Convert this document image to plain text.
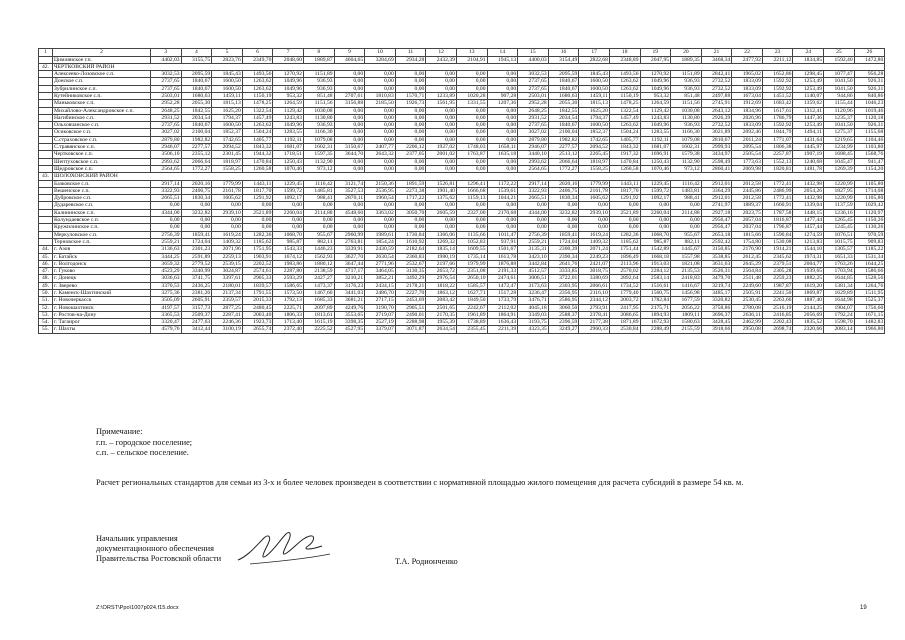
1	2	3	4	5	6	7	8	9	10	11	12	13	14	15	16	17	18	19	20	21	22	23	24	25	26
	Цимлянское г.п.	4402,03	3155,75	2823,76	2349,70	2048,60	1889,87	4604,65	3284,69	2934,28	2432,39	2104,91	1945,13	4400,03	3154,49	2822,68	2348,89	2047,95	1889,35	3468,34	2477,92	2211,12	1834,85	1592,40	1472,80
42.	ЧЕРТКОВСКИЙ РАЙОН																								
	Алексеево-Лозовское с.п.	3032,53	2095,59	1845,43	1493,56	1270,92	1151,89	0,00	0,00	0,00	0,00	0,00	0,00	3032,53	2095,59	1845,43	1493,56	1270,92	1151,89	2842,41	1965,02	1652,86	1298,45	1077,47	956,28
	Донское с.п.	2737,65	1840,67	1600,50	1263,62	1049,96	936,93	0,00	0,00	0,00	0,00	0,00	0,00	2737,65	1840,67	1600,50	1263,62	1049,96	936,93	2732,52	1833,09	1592,92	1253,49	1041,50	926,31
	Зубрилинское с.п.	2737,65	1840,67	1600,50	1263,62	1049,96	936,93	0,00	0,00	0,00	0,00	0,00	0,00	2737,65	1840,67	1600,50	1263,62	1049,96	936,93	2732,52	1833,09	1592,92	1253,49	1041,50	926,31
	Кутейниковское с.п.	2503,01	1680,63	1459,11	1150,19	953,32	851,48	2707,61	1810,83	1570,71	1233,89	1020,28	907,28	2503,01	1680,63	1459,11	1150,19	953,32	851,48	2497,88	1673,04	1451,52	1140,07	944,86	840,86
	Маньковское с.п.	2952,28	2055,30	1815,13	1478,25	1264,59	1151,56	3156,88	2185,50	1926,73	1561,95	1331,55	1207,36	2952,28	2055,30	1815,13	1478,25	1264,59	1151,56	2745,91	1912,69	1683,42	1359,62	1155,44	1046,23
	Михайлово-Александровское с.п.	2648,25	1842,55	1625,20	1322,54	1129,42	1030,08	0,00	0,00	0,00	0,00	0,00	0,00	2648,25	1842,55	1625,20	1322,54	1129,42	1030,08	2643,12	1834,96	1617,61	1312,41	1120,96	1019,46
	Нагибинское с.п.	2931,52	2034,54	1794,37	1457,49	1243,83	1130,80	0,00	0,00	0,00	0,00	0,00	0,00	2931,52	2034,54	1794,37	1457,49	1243,83	1130,80	2926,39	2026,96	1786,79	1447,36	1235,37	1120,18
	Ольховчанское с.п.	2737,65	1840,67	1600,50	1263,62	1049,96	936,93	0,00	0,00	0,00	0,00	0,00	0,00	2737,65	1840,67	1600,50	1263,62	1049,96	936,93	2732,52	1833,09	1592,92	1253,49	1041,50	926,31
	Осиковское с.п.	3027,02	2100,04	1852,37	1504,24	1283,55	1166,30	0,00	0,00	0,00	0,00	0,00	0,00	3027,02	2100,04	1852,37	1504,24	1283,55	1166,30	3021,89	2092,46	1844,79	1494,11	1275,37	1155,68
	С.страховское с.п.	2879,80	1982,82	1742,65	1405,77	1192,11	1079,08	0,00	0,00	0,00	0,00	0,00	0,00	2879,80	1982,82	1742,65	1405,77	1192,11	1079,08	2810,67	2011,24	1771,07	1431,64	1219,65	1104,46
	С.травянское с.п.	2946,07	2277,57	2094,52	1843,32	1681,07	1602,31	3150,67	2407,77	2206,12	1927,02	1748,03	1658,11	2946,07	2277,57	2094,52	1843,32	1681,07	1602,31	2999,93	2095,54	1806,38	1445,97	1234,99	1103,80
	Чертковское с.п.	3506,10	2355,12	2301,45	1944,32	1718,51	1597,35	3644,70	2643,32	2377,05	2001,02	1763,87	1635,18	3440,10	2513,12	2265,45	1917,32	1696,91	1579,38	3434,97	2505,54	2257,87	1907,19	1688,45	1568,76
	Шептуховское с.п.	2993,62	2066,64	1818,97	1470,84	1250,43	1132,90	0,00	0,00	0,00	0,00	0,00	0,00	2993,62	2066,64	1818,97	1470,84	1250,43	1132,90	2598,49	1773,63	1552,13	1240,68	1045,47	941,47
	Щедровское с.п.	2564,65	1772,27	1558,25	1260,58	1070,46	973,12	0,00	0,00	0,00	0,00	0,00	0,00	2564,65	1772,27	1558,25	1260,58	1070,46	973,12	2860,41	2069,98	1820,81	1481,78	1269,39	1154,20
43.	ШОЛОХОВСКИЙ РАЙОН																								
	Базковское с.п.	2917,14	2020,16	1779,99	1443,11	1229,45	1116,42	3121,74	2150,36	1891,59	1526,81	1296,41	1172,22	2917,14	2020,16	1779,99	1443,11	1229,45	1116,42	2912,01	2012,58	1772,41	1432,98	1220,99	1105,80
	Вешенское с.п.	3322,93	2406,75	2161,78	1817,70	1599,72	1485,81	3527,53	2536,95	2273,38	1901,40	1666,68	1539,61	3322,93	2406,75	2161,78	1817,70	1599,72	1483,81	3364,29	2445,86	2486,99	2054,26	1827,95	1714,08
	Дубровское с.п.	2665,51	1830,34	1605,62	1291,92	1092,17	988,41	2870,11	1960,54	1717,22	1375,62	1159,13	1044,21	2665,51	1830,34	1605,62	1291,92	1092,17	988,41	2912,01	2012,58	1772,41	1432,98	1220,99	1105,80
	Дударевское с.п.	0,00	0,00	0,00	0,00	0,00	0,00	0,00	0,00	0,00	0,00	0,00	0,00	0,00	0,00	0,00	0,00	0,00	0,00	2741,97	1889,37	1660,91	1339,04	1137,59	1029,42
	Калининское с.п.	4344,00	3232,82	2939,10	2521,89	2260,04	2114,88	4548,60	3363,02	3050,70	2605,59	2327,00	2170,68	4344,00	3232,82	2939,10	2521,89	2260,04	2114,88	2927,18	2023,75	1787,58	1448,15	1236,16	1120,97
	Колундаевское с.п.	0,00	0,00	0,00	0,00	0,00	0,00	0,00	0,00	0,00	0,00	0,00	0,00	0,00	0,00	0,00	0,00	0,00	0,00	2956,47	2057,04	1816,87	1477,44	1265,45	1150,26
	Кружилинское с.п.	0,00	0,00	0,00	0,00	0,00	0,00	0,00	0,00	0,00	0,00	0,00	0,00	0,00	0,00	0,00	0,00	0,00	0,00	2956,47	2037,04	1796,87	1457,44	1245,45	1130,26
	Меркуловское с.п.	2756,39	1859,41	1619,24	1282,36	1068,70	955,67	2960,99	1989,61	1730,84	1366,06	1135,66	1011,47	2756,39	1859,41	1619,24	1282,36	1068,70	955,67	2653,18	1815,66	1590,84	1274,59	1076,51	970,59
	Терновское с.п.	2559,21	1724,04	1409,32	1185,62	985,87	882,11	2763,81	1854,24	1610,92	1269,32	1052,83	937,91	2559,21	1724,04	1409,32	1185,62	985,87	882,11	2592,42	1754,80	1530,08	1213,83	1015,75	909,83
44.	г. Азов	3136,63	2301,23	2071,96	1751,95	1543,33	1446,23	3339,91	2430,59	2182,64	1835,14	1609,55	1501,67	3135,31	2300,39	2071,24	1751,44	1542,89	1445,67	3150,85	2176,90	1914,21	1544,10	1305,57	1185,22
45.	г. Батайск	3444,25	2591,89	2259,13	1903,91	1674,12	1562,93	3627,70	2630,54	2360,83	1980,19	1735,14	1613,78	3423,10	2390,34	2249,23	1896,49	1668,18	1557,98	3538,85	2612,45	2345,62	1974,31	1651,33	1531,34
46.	г. Волгодонск	3659,32	2779,52	2539,15	2202,52	1983,86	1880,12	3647,44	2771,96	2532,67	2197,66	1979,99	1876,88	3442,84	2641,76	2421,07	2113,96	1913,03	1821,08	3631,63	2645,29	2379,51	2004,77	1763,26	1644,25
47.	г. Гуково	4523,29	3340,99	3024,87	2574,61	2287,80	2138,59	4717,17	3464,05	3130,35	2653,72	2351,08	2191,33	4512,57	3333,85	3018,75	2570,02	2284,12	2135,53	3526,31	2564,84	2305,28	1939,65	1703,94	1586,66
48.	г. Донецк	3036,63	3741,75	3397,61	2905,33	2593,29	2427,27	3210,21	3852,21	3492,29	2976,54	2650,10	2474,61	3006,51	3722,01	3380,69	2892,64	2583,14	2418,83	3479,70	2511,48	2259,23	1882,25	1644,85	1528,56
49.	г. Зверево	3370,53	2436,25	2180,01	1839,57	1586,65	1473,37	3176,23	2434,15	2178,21	1818,22	1585,57	1472,47	3173,63	2303,95	2066,61	1734,52	1516,61	1416,67	3219,74	2249,60	1987,87	1619,20	1381,34	1264,76
50.	г. Каменск-Шахтинский	3275,36	2381,26	2137,34	1791,55	1573,50	1467,60	3441,03	2486,70	2227,70	1863,12	1627,71	1517,28	3236,47	2356,95	2116,10	1779,40	1560,75	1456,98	3485,17	2505,91	2241,50	1869,87	1629,89	1511,95
51.	г. Новочеркасск	3505,09	2605,91	2359,57	2015,33	1792,13	1685,33	3681,21	2717,15	2453,69	2083,42	1849,50	1733,79	3476,71	2586,95	2344,12	2003,72	1782,84	1677,59	3320,82	2530,45	2263,66	1887,40	1644,98	1525,37
52.	г. Новошахтинск	4197,57	3157,73	2877,25	2480,45	2225,71	2097,89	4249,76	3190,70	2905,51	2501,65	2242,67	2112,02	4045,18	3060,50	2793,91	2417,95	2175,71	2056,22	3758,86	2780,08	2516,19	2144,25	1904,07	1756,60
53.	г. Ростов-на-Дону	3365,53	2509,37	2287,41	2003,40	1806,33	1813,61	3553,65	2719,07	2490,01	2170,35	1961,89	1864,91	3349,03	2588,37	2378,41	2086,65	1894,93	1809,11	3696,37	2636,11	2416,85	2056,69	1792,24	1671,15
54.	г. Таганрог	3320,47	2477,63	2246,36	1923,73	1713,40	1615,19	3398,35	2527,19	2288,98	1955,39	1738,89	1636,43	3193,75	2396,59	2177,38	1871,89	1672,93	1580,63	3428,45	2462,99	2202,43	1835,52	1598,70	1482,83
55.	г. Шахты	4579,76	3412,44	3100,19	2655,74	2372,40	2225,52	4527,95	3379,07	3071,87	2634,54	2355,45	2211,39	4323,35	3249,27	2960,33	2530,84	2288,49	2155,59	3918,66	2950,08	2698,74	2320,66	2083,14	1966,80
Примечание:
г.п. – городское поселение;
с.п. – сельское поселение.
Расчет региональных стандартов для семьи из 3-х и более человек произведен в соответствии с нормативной площадью жилого помещения для расчета субсидий в размере 54 кв. м.
Начальник управления
документационного обеспечения
Правительства Ростовской области	Т.А. Родионченко
Z:\ORST\Ppo\1007p024.f15.docx	19
